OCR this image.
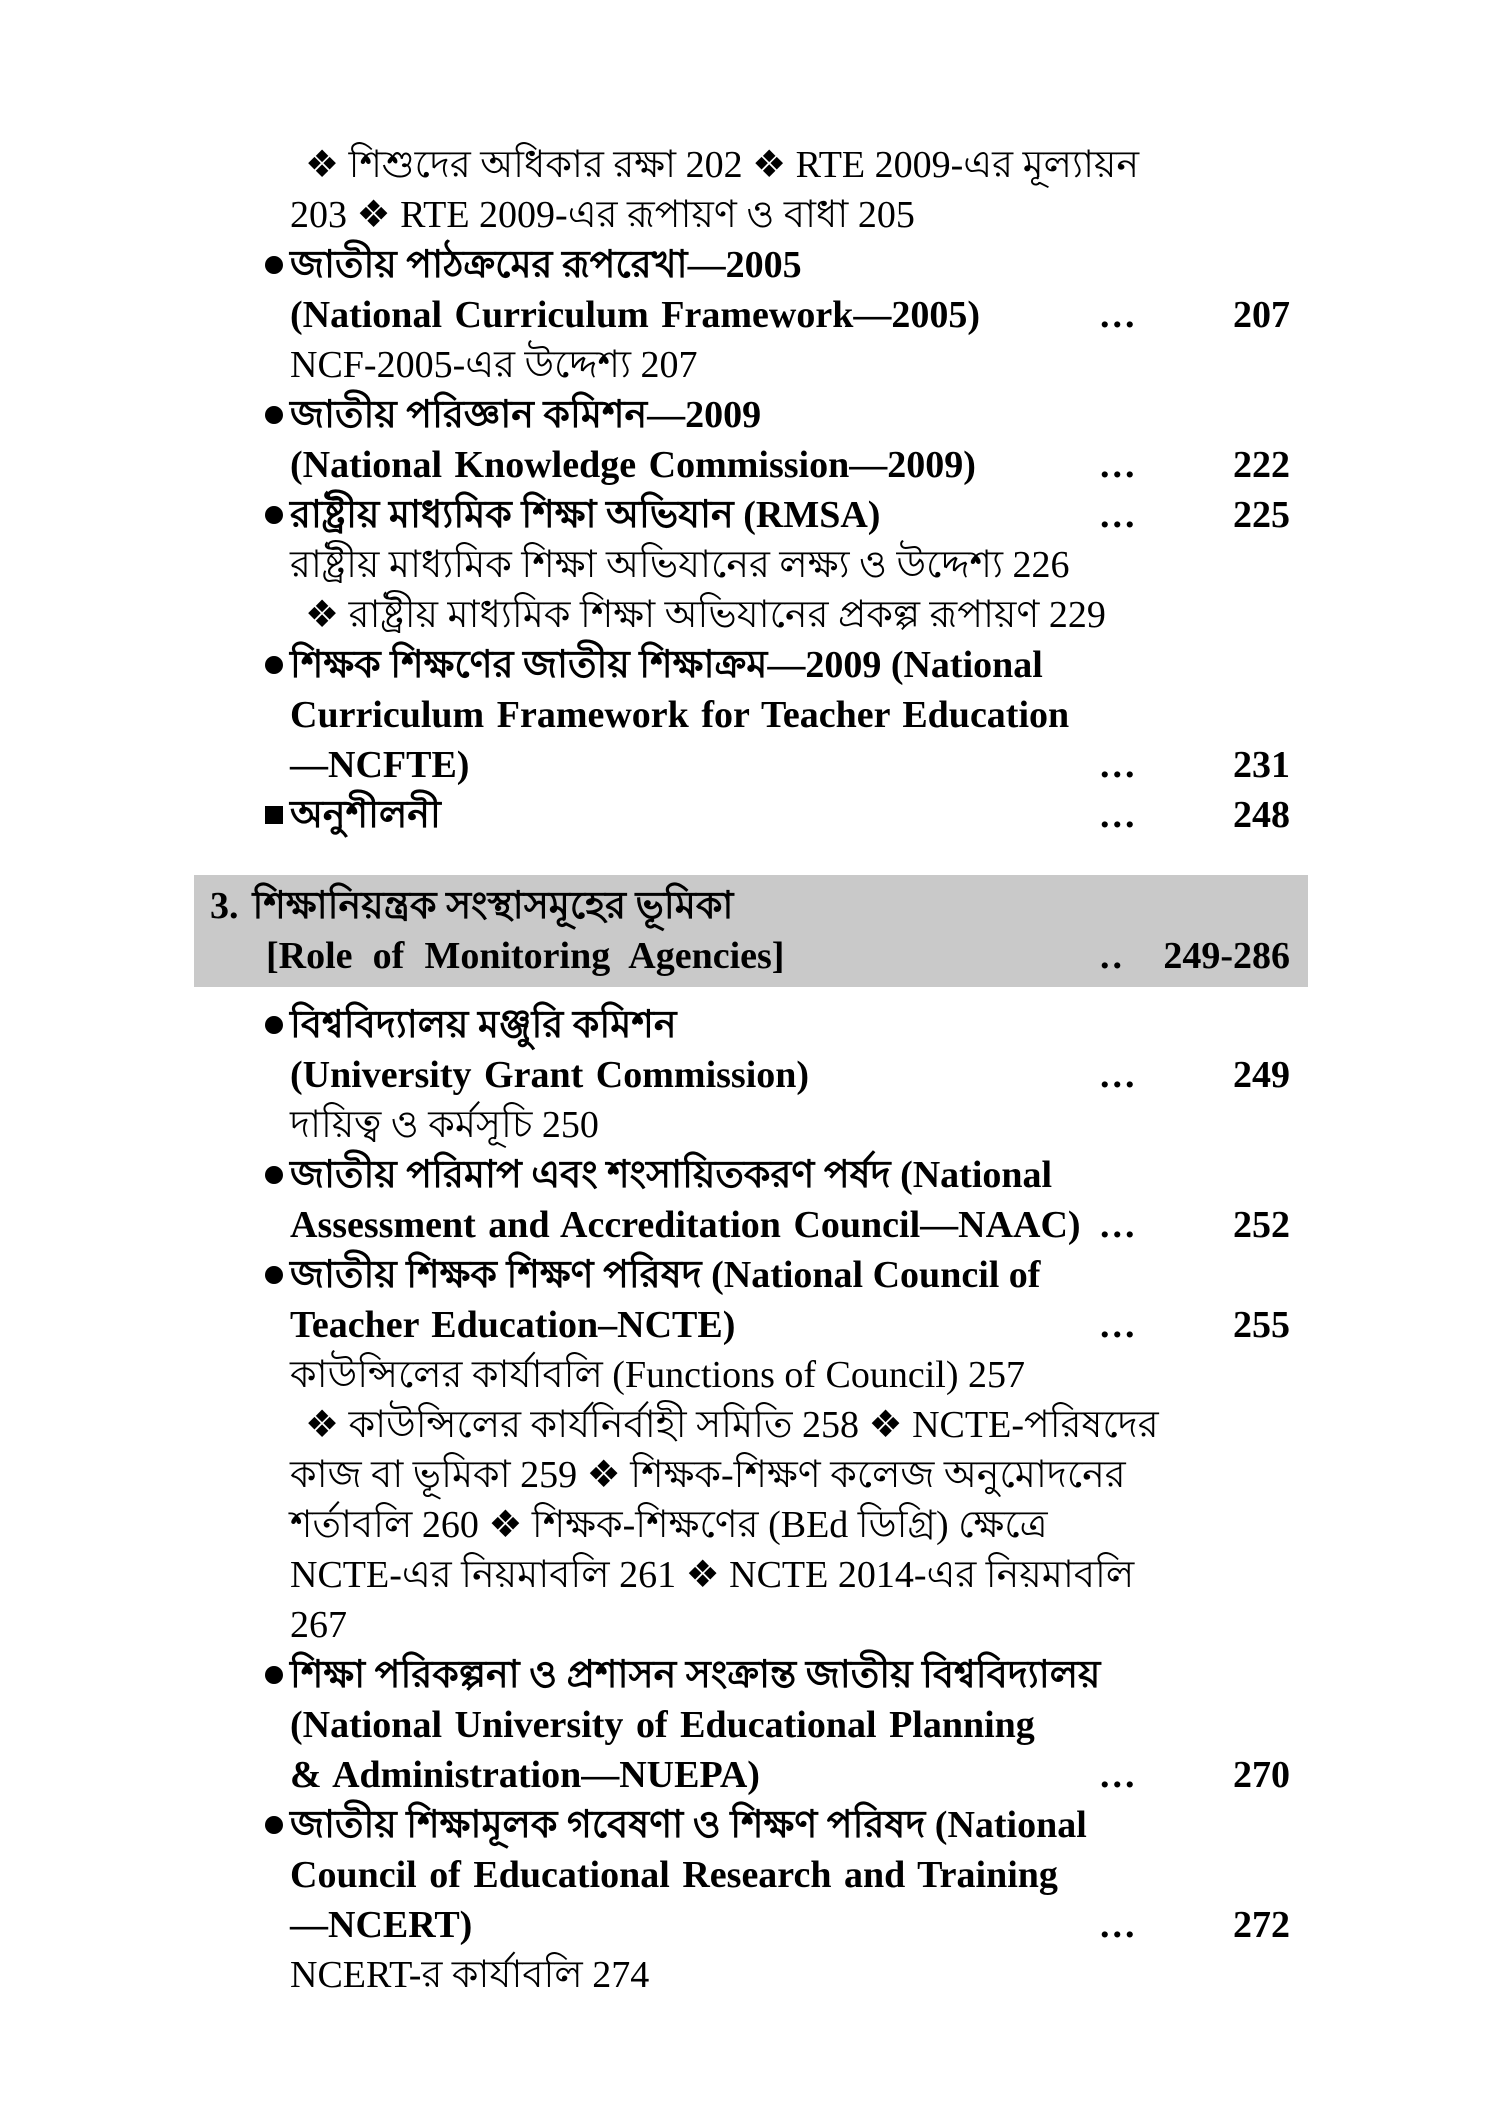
❖ শিশুদের অধিকার রক্ষা 202 ❖ RTE 2009-এর মূল্যায়ন
203 ❖ RTE 2009-এর রূপায়ণ ও বাধা 205
জাতীয় পাঠক্রমের রূপরেখা—2005
(National Curriculum Framework—2005)	...	207
NCF-2005-এর উদ্দেশ্য 207
জাতীয় পরিজ্ঞান কমিশন—2009
(National Knowledge Commission—2009)	...	222
রাষ্ট্রীয় মাধ্যমিক শিক্ষা অভিযান (RMSA)	...	225
রাষ্ট্রীয় মাধ্যমিক শিক্ষা অভিযানের লক্ষ্য ও উদ্দেশ্য 226
❖ রাষ্ট্রীয় মাধ্যমিক শিক্ষা অভিযানের প্রকল্প রূপায়ণ 229
শিক্ষক শিক্ষণের জাতীয় শিক্ষাক্রম—2009 (National
Curriculum Framework for Teacher Education
—NCFTE)	...	231
অনুশীলনী	...	248
3. শিক্ষানিয়ন্ত্রক সংস্থাসমূহের ভূমিকা
[Role of Monitoring Agencies]	..	249-286
বিশ্ববিদ্যালয় মঞ্জুরি কমিশন
(University Grant Commission)	...	249
দায়িত্ব ও কর্মসূচি 250
জাতীয় পরিমাপ এবং শংসায়িতকরণ পর্ষদ (National
Assessment and Accreditation Council—NAAC) ...	252
জাতীয় শিক্ষক শিক্ষণ পরিষদ (National Council of
Teacher Education–NCTE)	...	255
কাউন্সিলের কার্যাবলি (Functions of Council) 257
❖ কাউন্সিলের কার্যনির্বাহী সমিতি 258 ❖ NCTE-পরিষদের
কাজ বা ভূমিকা 259 ❖ শিক্ষক-শিক্ষণ কলেজ অনুমোদনের
শর্তাবলি 260 ❖ শিক্ষক-শিক্ষণের (BEd ডিগ্রি) ক্ষেত্রে
NCTE-এর নিয়মাবলি 261 ❖ NCTE 2014-এর নিয়মাবলি
267
শিক্ষা পরিকল্পনা ও প্রশাসন সংক্রান্ত জাতীয় বিশ্ববিদ্যালয়
(National University of Educational Planning
& Administration—NUEPA)	...	270
জাতীয় শিক্ষামূলক গবেষণা ও শিক্ষণ পরিষদ (National
Council of Educational Research and Training
—NCERT)	...	272
NCERT-র কার্যাবলি 274
